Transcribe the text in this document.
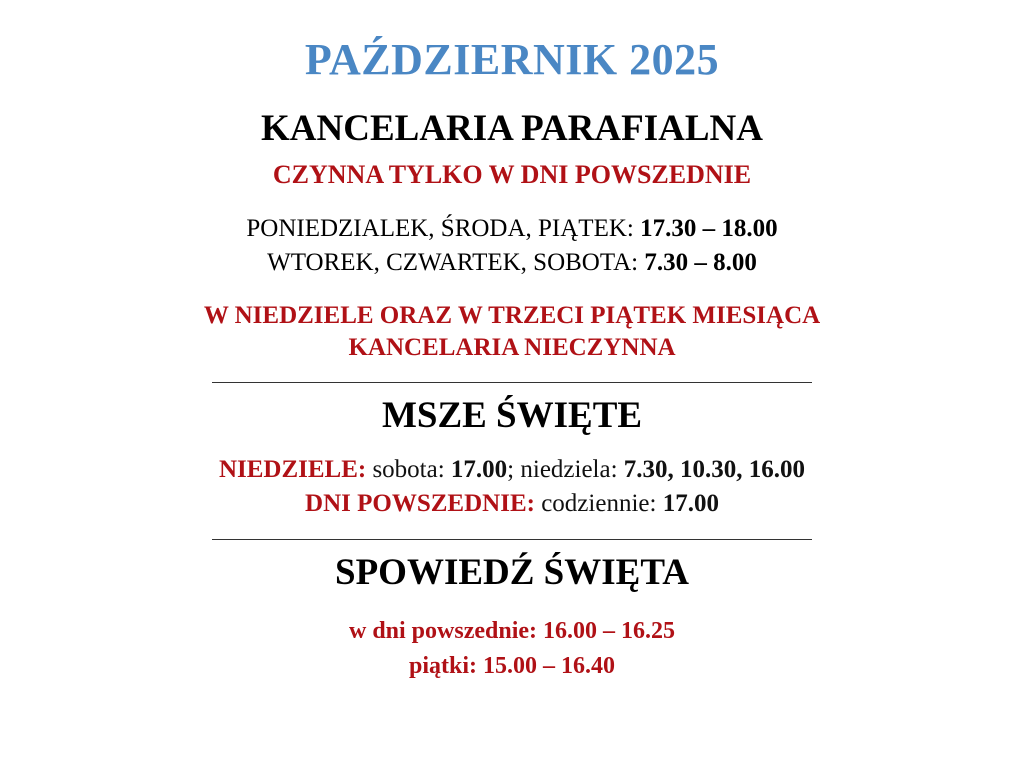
PAŹDZIERNIK 2025
KANCELARIA PARAFIALNA
CZYNNA TYLKO W DNI POWSZEDNIE
PONIEDZIALEK, ŚRODA, PIĄTEK: 17.30 – 18.00
WTOREK, CZWARTEK, SOBOTA: 7.30 – 8.00
W NIEDZIELE ORAZ W TRZECI PIĄTEK MIESIĄCA
KANCELARIA NIECZYNNA
MSZE ŚWIĘTE
NIEDZIELE: sobota: 17.00; niedziela: 7.30, 10.30, 16.00
DNI POWSZEDNIE: codziennie: 17.00
SPOWIEDŹ ŚWIĘTA
w dni powszednie: 16.00 – 16.25
piątki: 15.00 – 16.40
